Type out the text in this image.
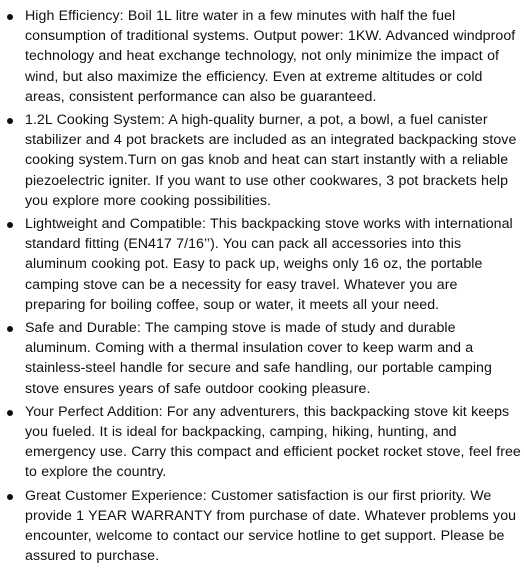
High Efficiency: Boil 1L litre water in a few minutes with half the fuel consumption of traditional systems. Output power: 1KW. Advanced windproof technology and heat exchange technology, not only minimize the impact of wind, but also maximize the efficiency. Even at extreme altitudes or cold areas, consistent performance can also be guaranteed.
1.2L Cooking System: A high-quality burner, a pot, a bowl, a fuel canister stabilizer and 4 pot brackets are included as an integrated backpacking stove cooking system.Turn on gas knob and heat can start instantly with a reliable piezoelectric igniter. If you want to use other cookwares, 3 pot brackets help you explore more cooking possibilities.
Lightweight and Compatible: This backpacking stove works with international standard fitting (EN417 7/16’’). You can pack all accessories into this aluminum cooking pot. Easy to pack up, weighs only 16 oz, the portable camping stove can be a necessity for easy travel. Whatever you are preparing for boiling coffee, soup or water, it meets all your need.
Safe and Durable: The camping stove is made of study and durable aluminum. Coming with a thermal insulation cover to keep warm and a stainless-steel handle for secure and safe handling, our portable camping stove ensures years of safe outdoor cooking pleasure.
Your Perfect Addition: For any adventurers, this backpacking stove kit keeps you fueled. It is ideal for backpacking, camping, hiking, hunting, and emergency use. Carry this compact and efficient pocket rocket stove, feel free to explore the country.
Great Customer Experience: Customer satisfaction is our first priority. We provide 1 YEAR WARRANTY from purchase of date. Whatever problems you encounter, welcome to contact our service hotline to get support. Please be assured to purchase.
